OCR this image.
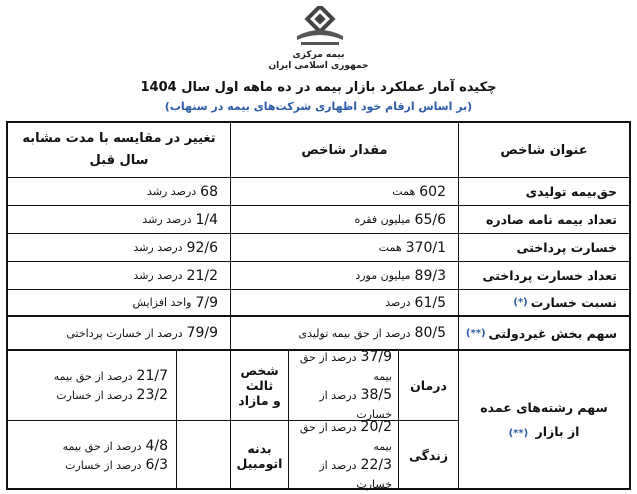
بیمه مرکزی
جمهوری اسلامی ایران
چکیده آمار عملکرد بازار بیمه در ده ماهه اول سال 1404
(بر اساس ارقام خود اظهاری شرکت‌های بیمه در سنهاب)
عنوان شاخص
مقدار شاخص
تغییر در مقایسه با مدت مشابه سال قبل
حق‌بیمه تولیدی
602
همت
68
درصد رشد
تعداد بیمه نامه صادره
65/6
میلیون فقره
1/4
درصد رشد
خسارت پرداختی
370/1
همت
92/6
درصد رشد
تعداد خسارت پرداختی
89/3
میلیون مورد
21/2
درصد رشد
نسبت خسارت
(*)
61/5
درصد
7/9
واحد افزایش
سهم بخش غیردولتی
(**)
80/5
درصد از حق بیمه تولیدی
79/9
درصد از خسارت پرداختی
سهم رشته‌های عمده
از بازار (**)
درمان
37/9درصد از حق بیمه
38/5درصد از خسارت
شخص ثالث
و مازاد
21/7درصد از حق بیمه
23/2درصد از خسارت
زندگی
20/2درصد از حق بیمه
22/3درصد از خسارت
بدنه
اتومبیل
4/8درصد از حق بیمه
6/3درصد از خسارت
